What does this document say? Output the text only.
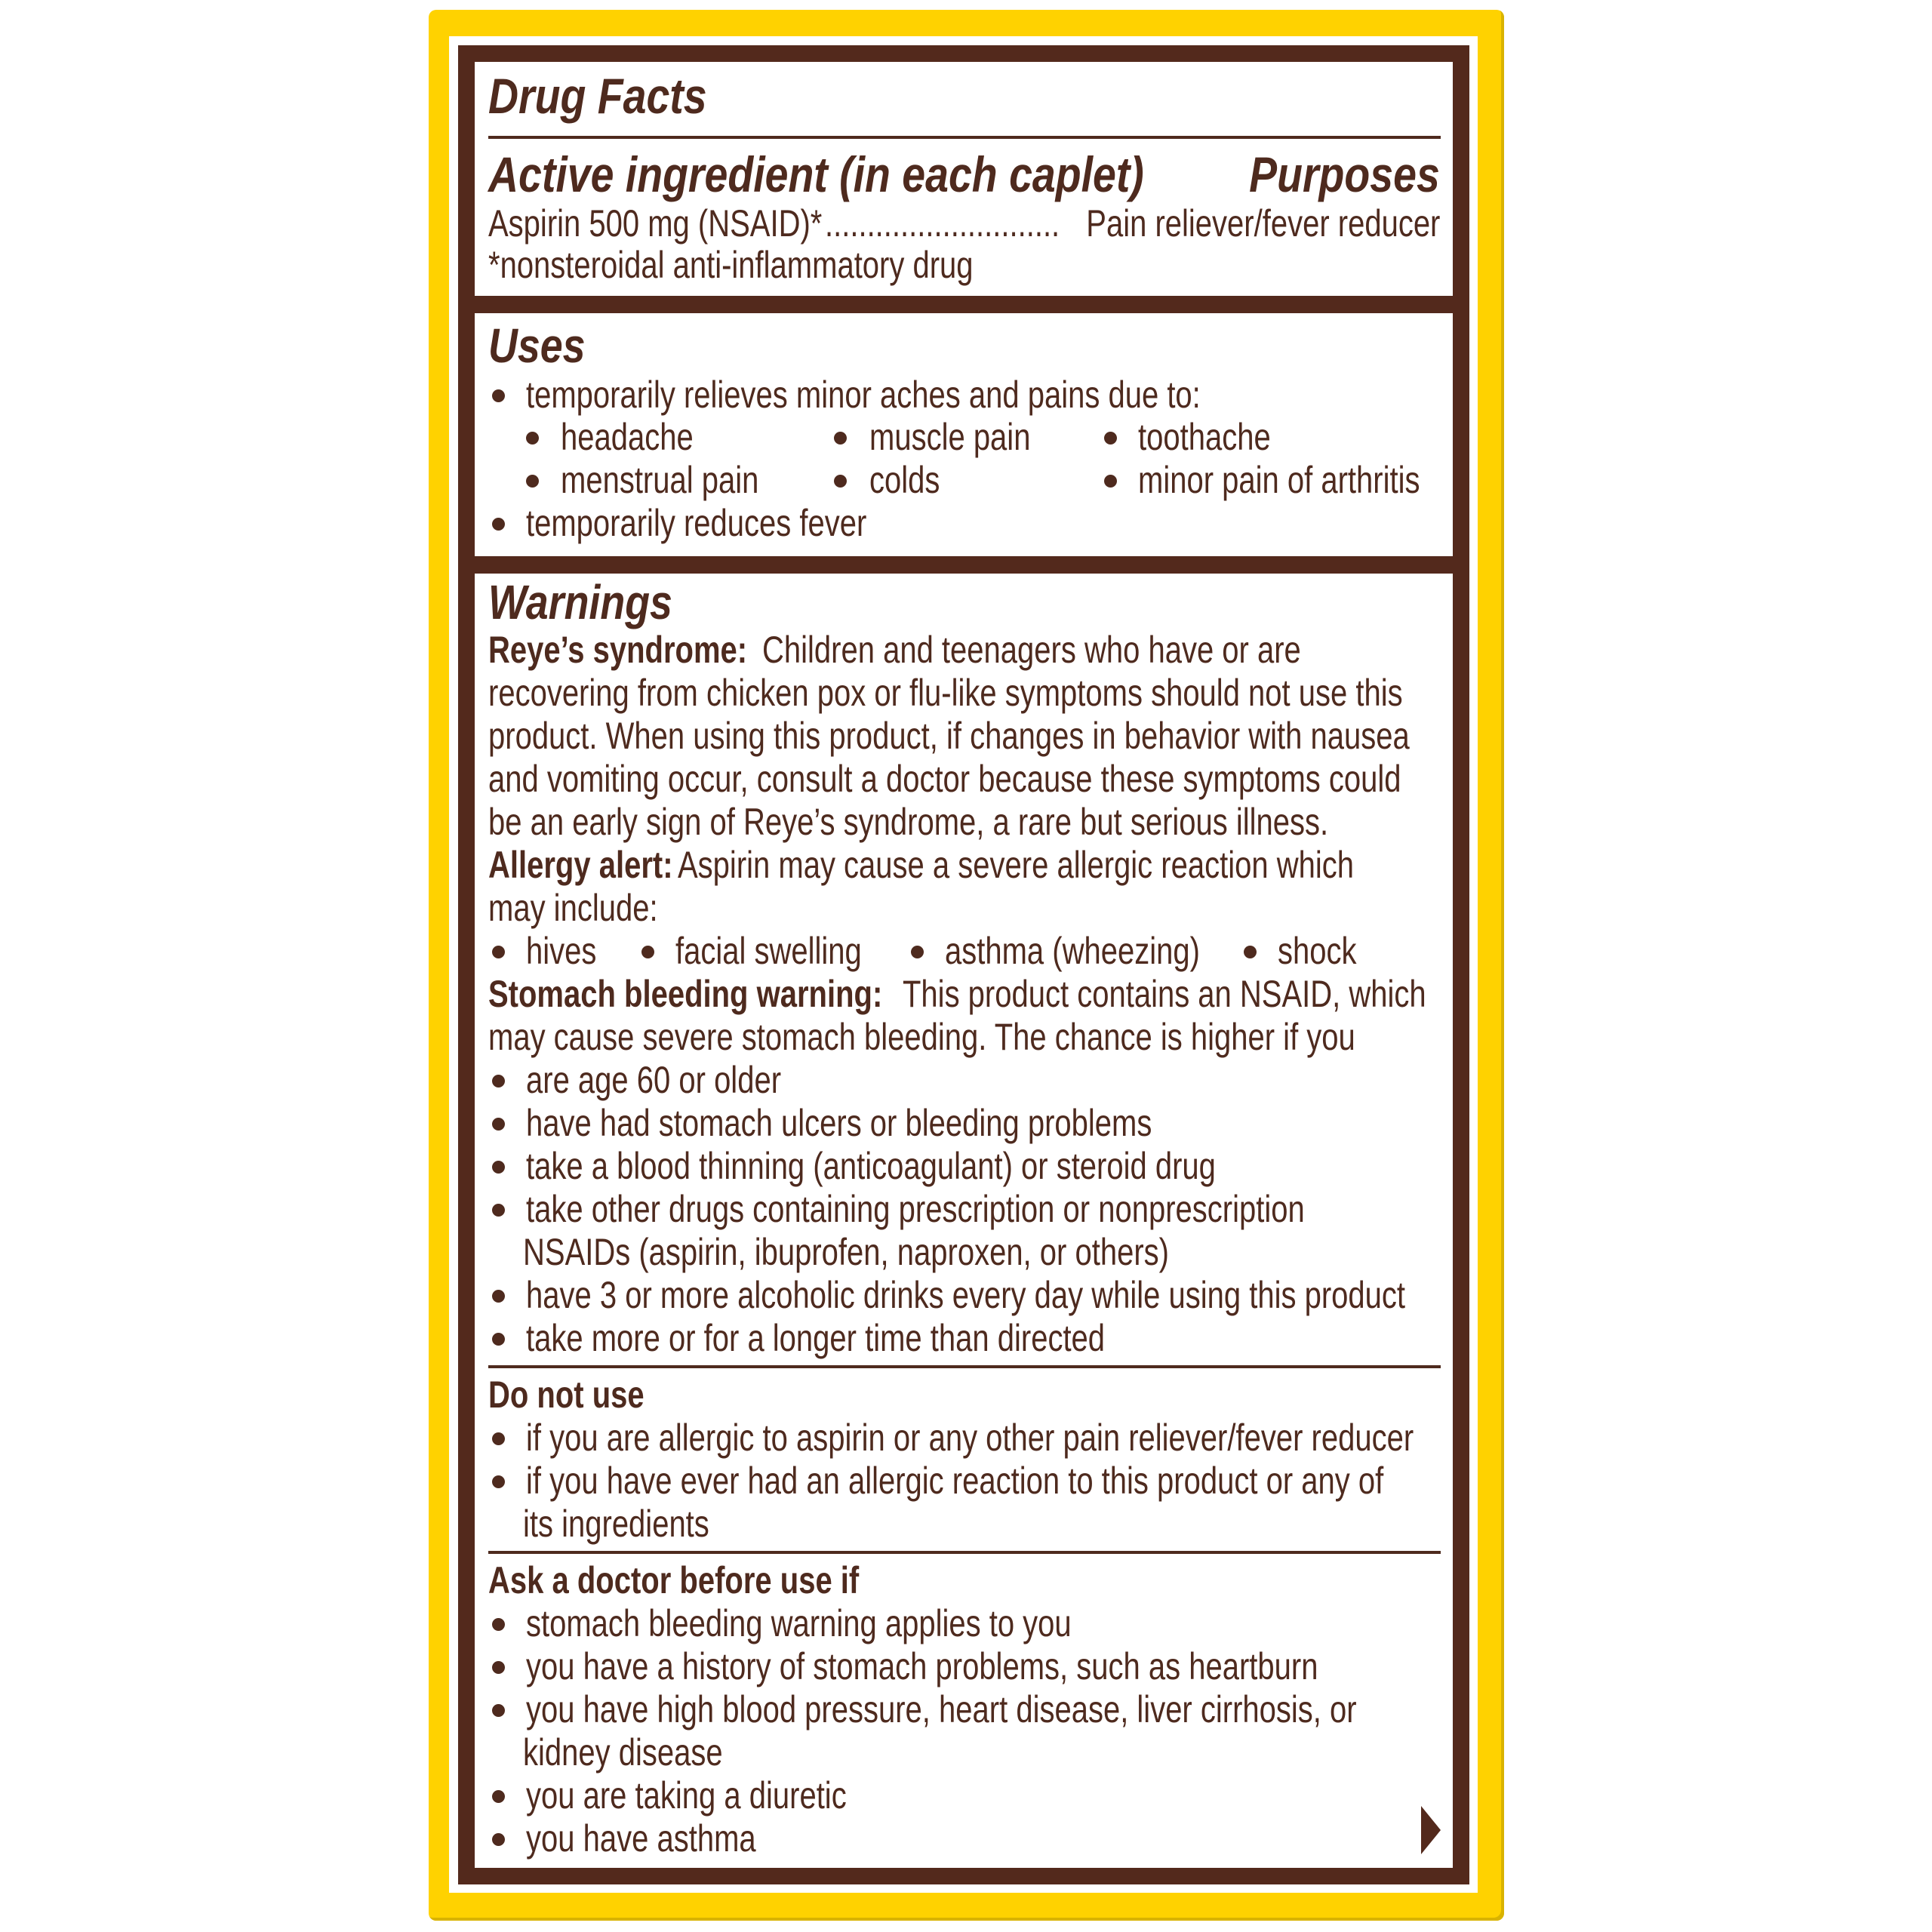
Drug Facts
Active ingredient (in each caplet) Purposes
Aspirin 500 mg (NSAID)* ............................ Pain reliever/fever reducer
*nonsteroidal anti-inflammatory drug
Uses
temporarily relieves minor aches and pains due to:
headache	muscle pain	toothache
menstrual pain	colds	minor pain of arthritis
temporarily reduces fever
Warnings
Reye’s syndrome: Children and teenagers who have or are
recovering from chicken pox or flu-like symptoms should not use this
product. When using this product, if changes in behavior with nausea
and vomiting occur, consult a doctor because these symptoms could
be an early sign of Reye’s syndrome, a rare but serious illness.
Allergy alert: Aspirin may cause a severe allergic reaction which
may include:
hives facial swelling asthma (wheezing) shock
Stomach bleeding warning: This product contains an NSAID, which
may cause severe stomach bleeding. The chance is higher if you
are age 60 or older
have had stomach ulcers or bleeding problems
take a blood thinning (anticoagulant) or steroid drug
take other drugs containing prescription or nonprescription
NSAIDs (aspirin, ibuprofen, naproxen, or others)
have 3 or more alcoholic drinks every day while using this product
take more or for a longer time than directed
Do not use
if you are allergic to aspirin or any other pain reliever/fever reducer
if you have ever had an allergic reaction to this product or any of
its ingredients
Ask a doctor before use if
stomach bleeding warning applies to you
you have a history of stomach problems, such as heartburn
you have high blood pressure, heart disease, liver cirrhosis, or
kidney disease
you are taking a diuretic
you have asthma
